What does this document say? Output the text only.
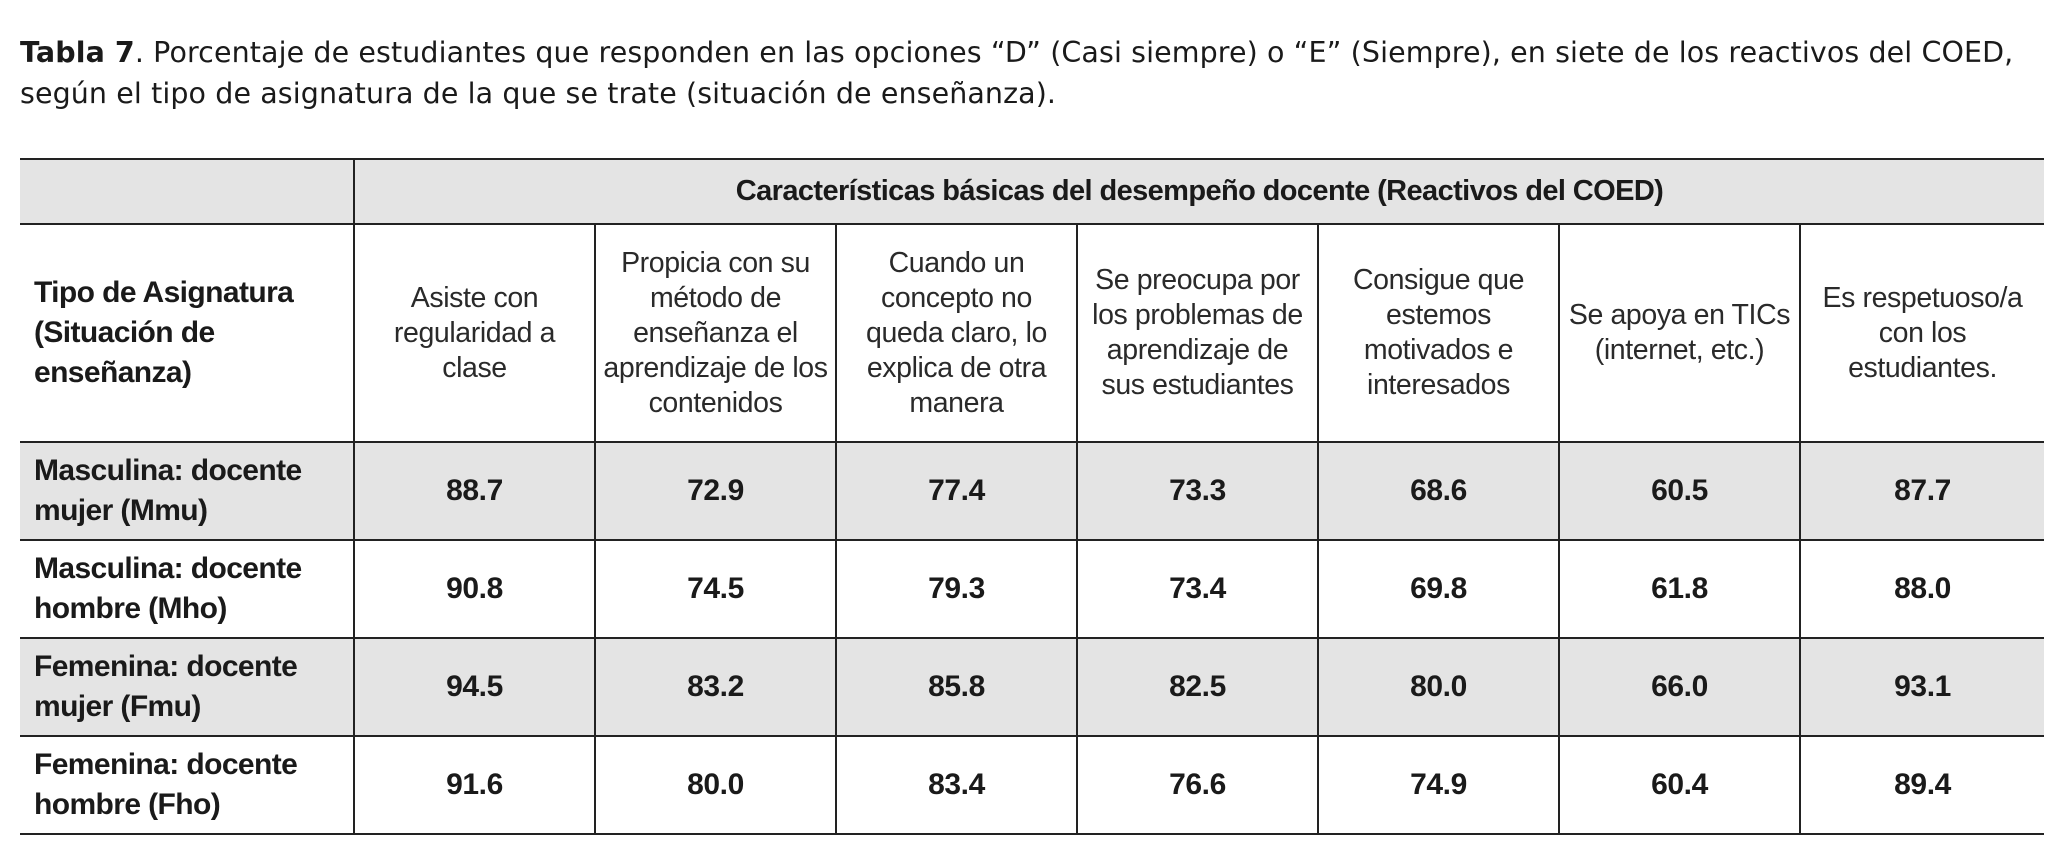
Tabla 7. Porcentaje de estudiantes que responden en las opciones “D” (Casi siempre) o “E” (Siempre), en siete de los reactivos del COED, según el tipo de asignatura de la que se trate (situación de enseñanza).
	Características básicas del desempeño docente (Reactivos del COED)						
Tipo de Asignatura (Situación de enseñanza)	Asiste con regularidad a clase	Propicia con su método de enseñanza el aprendizaje de los contenidos	Cuando un concepto no queda claro, lo explica de otra manera	Se preocupa por los problemas de aprendizaje de sus estudiantes	Consigue que estemos motivados e interesados	Se apoya en TICs (internet, etc.)	Es respetuoso/a con los estudiantes.
Masculina: docente mujer (Mmu)	88.7	72.9	77.4	73.3	68.6	60.5	87.7
Masculina: docente hombre (Mho)	90.8	74.5	79.3	73.4	69.8	61.8	88.0
Femenina: docente mujer (Fmu)	94.5	83.2	85.8	82.5	80.0	66.0	93.1
Femenina: docente hombre (Fho)	91.6	80.0	83.4	76.6	74.9	60.4	89.4
